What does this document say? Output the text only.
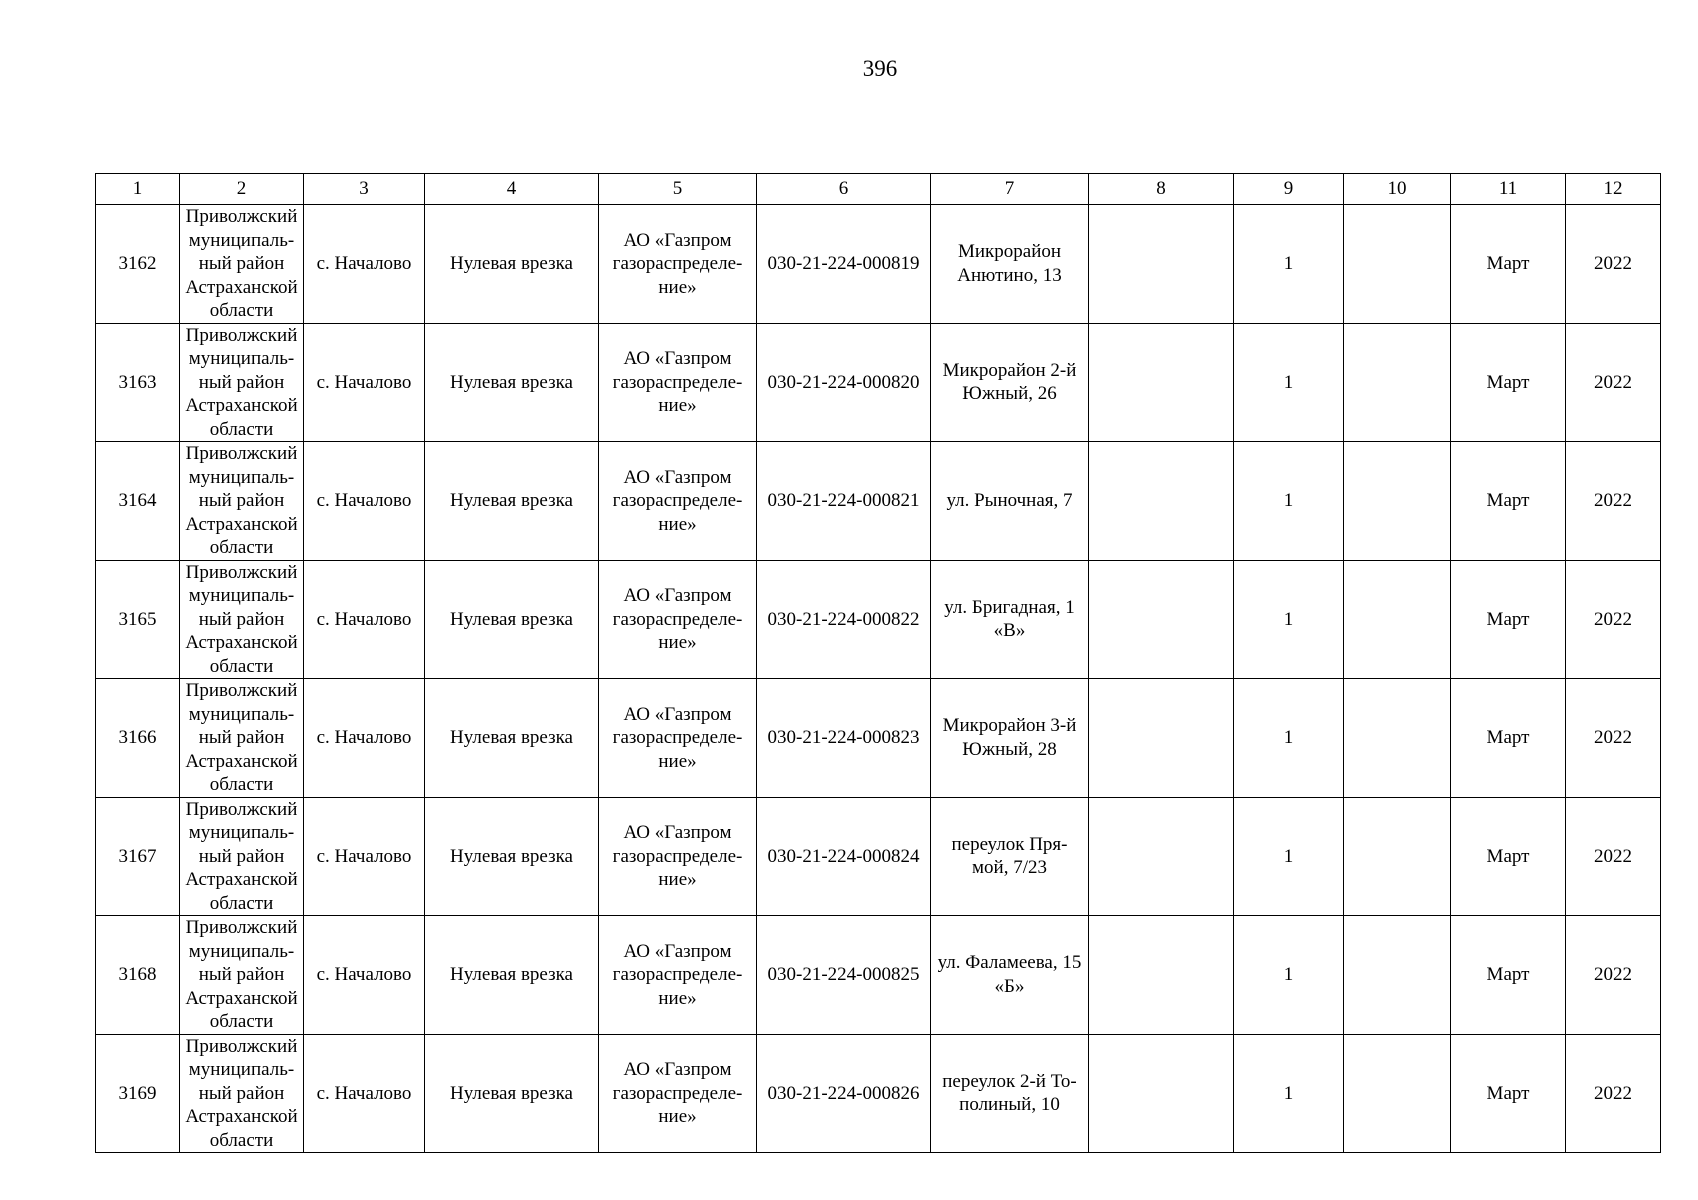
396
1	2	3	4	5	6	7	8	9	10	11	12
3162	Приволжский
муниципаль-
ный район
Астраханской
области	с. Началово	Нулевая врезка	АО «Газпром
газораспределе-
ние»	030-21-224-000819	Микрорайон
Анютино, 13		1		Март	2022
3163	Приволжский
муниципаль-
ный район
Астраханской
области	с. Началово	Нулевая врезка	АО «Газпром
газораспределе-
ние»	030-21-224-000820	Микрорайон 2-й
Южный, 26		1		Март	2022
3164	Приволжский
муниципаль-
ный район
Астраханской
области	с. Началово	Нулевая врезка	АО «Газпром
газораспределе-
ние»	030-21-224-000821	ул. Рыночная, 7		1		Март	2022
3165	Приволжский
муниципаль-
ный район
Астраханской
области	с. Началово	Нулевая врезка	АО «Газпром
газораспределе-
ние»	030-21-224-000822	ул. Бригадная, 1
«В»		1		Март	2022
3166	Приволжский
муниципаль-
ный район
Астраханской
области	с. Началово	Нулевая врезка	АО «Газпром
газораспределе-
ние»	030-21-224-000823	Микрорайон 3-й
Южный, 28		1		Март	2022
3167	Приволжский
муниципаль-
ный район
Астраханской
области	с. Началово	Нулевая врезка	АО «Газпром
газораспределе-
ние»	030-21-224-000824	переулок Пря-
мой, 7/23		1		Март	2022
3168	Приволжский
муниципаль-
ный район
Астраханской
области	с. Началово	Нулевая врезка	АО «Газпром
газораспределе-
ние»	030-21-224-000825	ул. Фаламеева, 15
«Б»		1		Март	2022
3169	Приволжский
муниципаль-
ный район
Астраханской
области	с. Началово	Нулевая врезка	АО «Газпром
газораспределе-
ние»	030-21-224-000826	переулок 2-й То-
полиный, 10		1		Март	2022
